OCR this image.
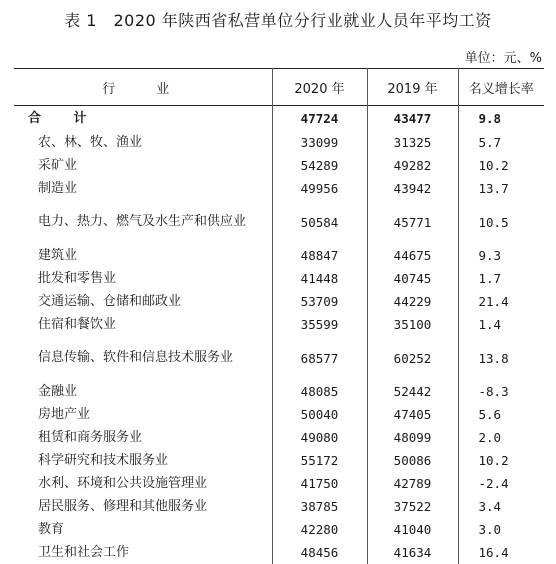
表 1　2020 年陕西省私营单位分行业就业人员年平均工资
单位：元、%
行　业	2020 年	2019 年	名义增长率
合 计	47724	43477	9.8
农、林、牧、渔业	33099	31325	5.7
采矿业	54289	49282	10.2
制造业	49956	43942	13.7
电力、热力、燃气及水生产和供应业	50584	45771	10.5
建筑业	48847	44675	9.3
批发和零售业	41448	40745	1.7
交通运输、仓储和邮政业	53709	44229	21.4
住宿和餐饮业	35599	35100	1.4
信息传输、软件和信息技术服务业	68577	60252	13.8
金融业	48085	52442	-8.3
房地产业	50040	47405	5.6
租赁和商务服务业	49080	48099	2.0
科学研究和技术服务业	55172	50086	10.2
水利、环境和公共设施管理业	41750	42789	-2.4
居民服务、修理和其他服务业	38785	37522	3.4
教育	42280	41040	3.0
卫生和社会工作	48456	41634	16.4
